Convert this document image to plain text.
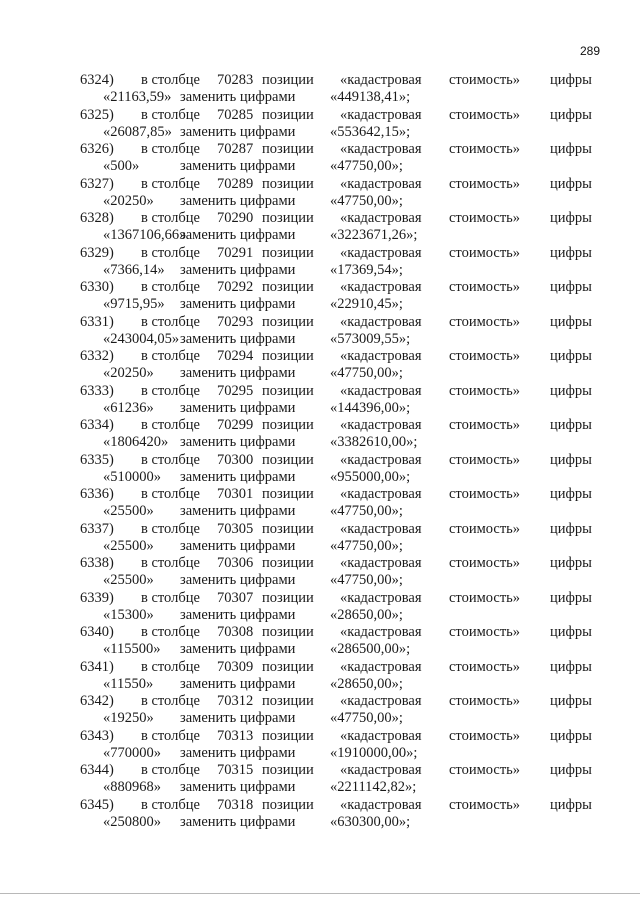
289
6324) в столбце 70283	«кадастровая стоимость» цифры
«21163,59» заменить цифрами «449138,41»;
позиции
6325) в столбце 70285	«кадастровая стоимость» цифры
«26087,85» заменить цифрами «553642,15»;
позиции
6326) в столбце 70287	«кадастровая стоимость» цифры
«500»	заменить цифрами «47750,00»;
позиции
6327) в столбце 70289	«кадастровая стоимость» цифры
«20250» заменить цифрами «47750,00»;
позиции
6328) в столбце 70290	«кадастровая стоимость» цифры
«1367106,66»
заменить цифрами «3223671,26»;
позиции
6329) в столбце 70291	«кадастровая стоимость» цифры
«7366,14» заменить цифрами «17369,54»;
позиции
6330) в столбце 70292	«кадастровая стоимость» цифры
«9715,95» заменить цифрами «22910,45»;
позиции
6331) в столбце 70293	«кадастровая стоимость» цифры
«243004,05» заменить цифрами «573009,55»;
позиции
6332) в столбце 70294	«кадастровая стоимость» цифры
«20250» заменить цифрами «47750,00»;
позиции
6333) в столбце 70295	«кадастровая стоимость» цифры
«61236» заменить цифрами «144396,00»;
позиции
6334) в столбце 70299	«кадастровая стоимость» цифры
«1806420» заменить цифрами «3382610,00»;
позиции
6335) в столбце 70300	«кадастровая стоимость» цифры
«510000» заменить цифрами «955000,00»;
позиции
6336) в столбце 70301	«кадастровая стоимость» цифры
«25500» заменить цифрами «47750,00»;
позиции
6337) в столбце 70305	«кадастровая стоимость» цифры
«25500» заменить цифрами «47750,00»;
позиции
6338) в столбце 70306	«кадастровая стоимость» цифры
«25500» заменить цифрами «47750,00»;
позиции
6339) в столбце 70307	«кадастровая стоимость» цифры
«15300» заменить цифрами «28650,00»;
позиции
6340) в столбце 70308	«кадастровая стоимость» цифры
«115500» заменить цифрами «286500,00»;
позиции
6341) в столбце 70309	«кадастровая стоимость» цифры
«11550» заменить цифрами «28650,00»;
позиции
6342) в столбце 70312	«кадастровая стоимость» цифры
«19250» заменить цифрами «47750,00»;
позиции
6343) в столбце 70313	«кадастровая стоимость» цифры
«770000» заменить цифрами «1910000,00»;
позиции
6344) в столбце 70315	«кадастровая стоимость» цифры
«880968» заменить цифрами «2211142,82»;
позиции
6345) в столбце 70318	«кадастровая стоимость» цифры
«250800» заменить цифрами «630300,00»;
позиции
